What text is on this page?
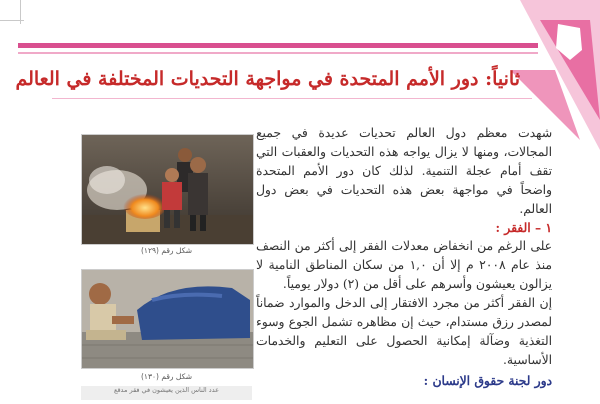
ثانياً: دور الأمم المتحدة في مواجهة التحديات المختلفة في العالم

شهدت معظم دول العالم تحديات عديدة في جميع المجالات، ومنها لا يزال يواجه هذه التحديات والعقبات التي تقف أمام عجلة التنمية. لذلك كان دور الأمم المتحدة واضحاً في مواجهة بعض هذه التحديات في بعض دول العالم.

١ – الفقر :

على الرغم من انخفاض معدلات الفقر إلى أكثر من النصف منذ عام ٢٠٠٨ م إلا أن ١,٠ من سكان المناطق النامية لا يزالون يعيشون وأسرهم على أقل من (٢) دولار يومياً.

إن الفقر أكثر من مجرد الافتقار إلى الدخل والموارد ضماناً لمصدر رزق مستدام، حيث إن مظاهره تشمل الجوع وسوء التغذية وضآلة إمكانية الحصول على التعليم والخدمات الأساسية.

دور لجنة حقوق الإنسان :

شكل رقم (١٢٩)
شكل رقم (١٣٠)
عدد الناس الذين يعيشون في فقر مدقع
